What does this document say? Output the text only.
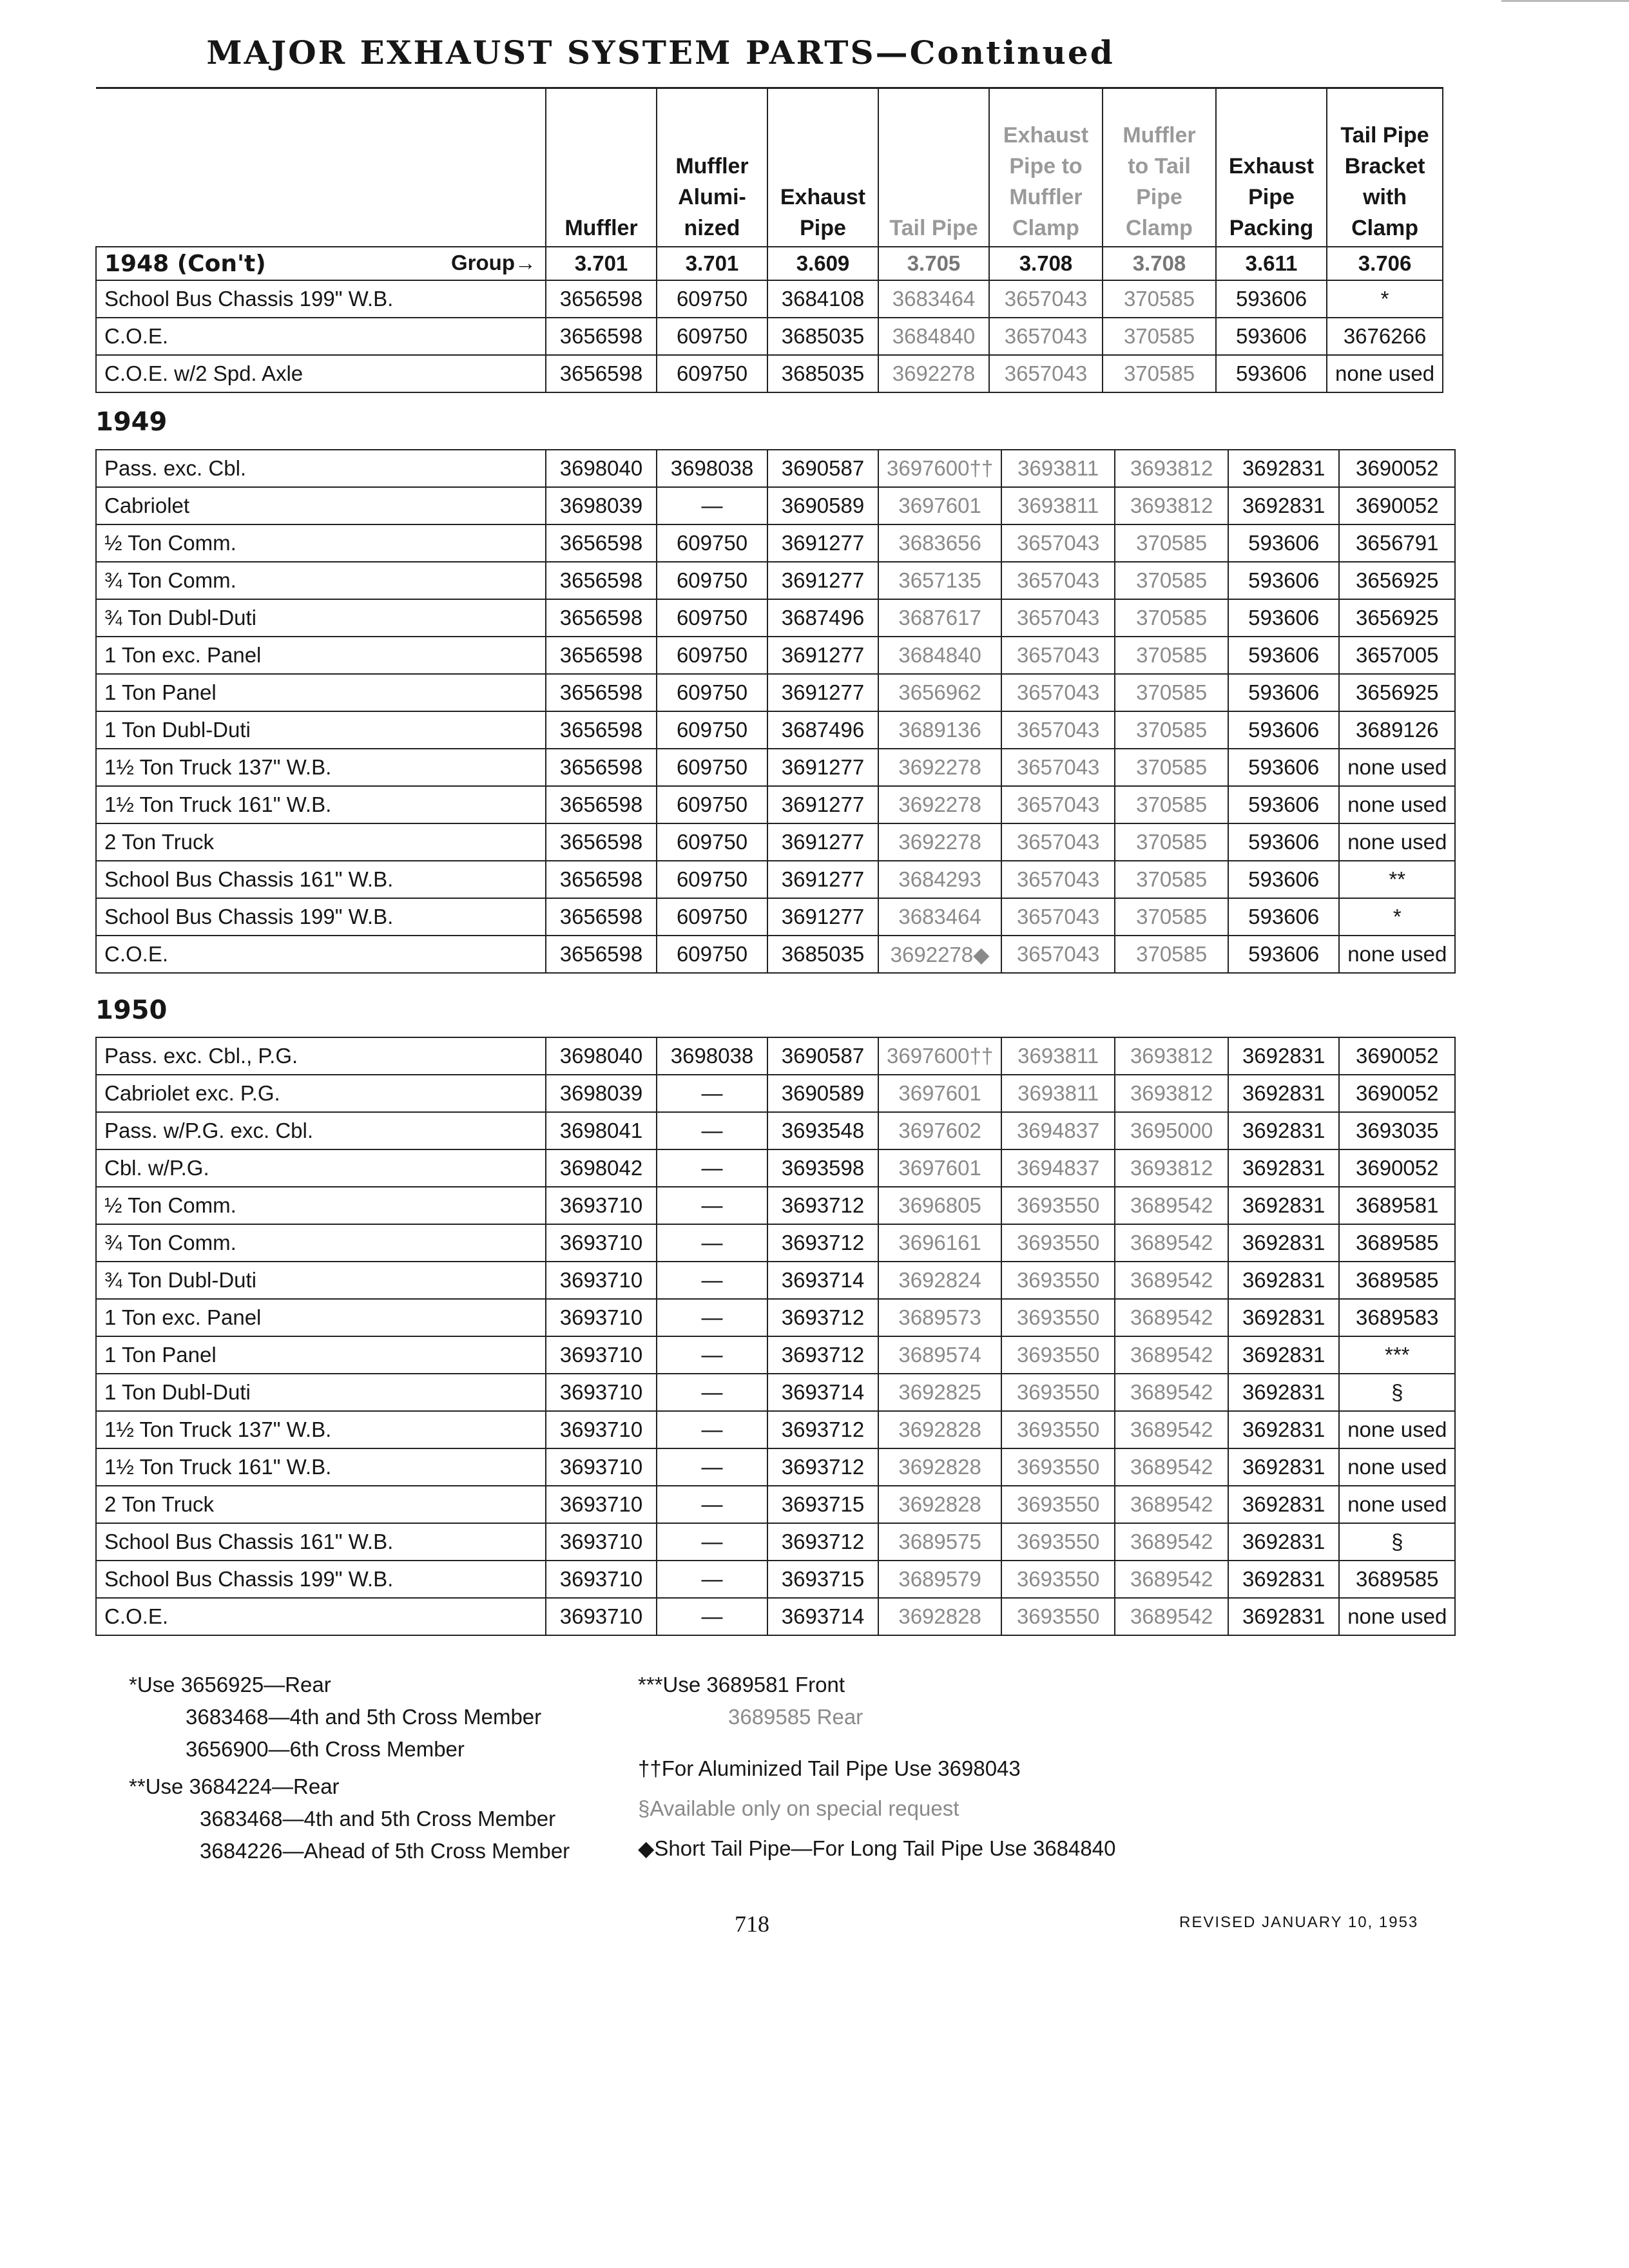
MAJOR EXHAUST SYSTEM PARTS—Continued
	Muffler	Muffler Alumi- nized	Exhaust Pipe	Tail Pipe	Exhaust Pipe to Muffler Clamp	Muffler to Tail Pipe Clamp	Exhaust Pipe Packing	Tail Pipe Bracket with Clamp
1948 (Con't) Group→	3.701	3.701	3.609	3.705	3.708	3.708	3.611	3.706
School Bus Chassis 199" W.B.	3656598	609750	3684108	3683464	3657043	370585	593606	*
C.O.E.	3656598	609750	3685035	3684840	3657043	370585	593606	3676266
C.O.E. w/2 Spd. Axle	3656598	609750	3685035	3692278	3657043	370585	593606	none used
1949
Pass. exc. Cbl.	3698040	3698038	3690587	3697600††	3693811	3693812	3692831	3690052
Cabriolet	3698039	—	3690589	3697601	3693811	3693812	3692831	3690052
½ Ton Comm.	3656598	609750	3691277	3683656	3657043	370585	593606	3656791
¾ Ton Comm.	3656598	609750	3691277	3657135	3657043	370585	593606	3656925
¾ Ton Dubl-Duti	3656598	609750	3687496	3687617	3657043	370585	593606	3656925
1 Ton exc. Panel	3656598	609750	3691277	3684840	3657043	370585	593606	3657005
1 Ton Panel	3656598	609750	3691277	3656962	3657043	370585	593606	3656925
1 Ton Dubl-Duti	3656598	609750	3687496	3689136	3657043	370585	593606	3689126
1½ Ton Truck 137" W.B.	3656598	609750	3691277	3692278	3657043	370585	593606	none used
1½ Ton Truck 161" W.B.	3656598	609750	3691277	3692278	3657043	370585	593606	none used
2 Ton Truck	3656598	609750	3691277	3692278	3657043	370585	593606	none used
School Bus Chassis 161" W.B.	3656598	609750	3691277	3684293	3657043	370585	593606	**
School Bus Chassis 199" W.B.	3656598	609750	3691277	3683464	3657043	370585	593606	*
C.O.E.	3656598	609750	3685035	3692278◆	3657043	370585	593606	none used
1950
Pass. exc. Cbl., P.G.	3698040	3698038	3690587	3697600††	3693811	3693812	3692831	3690052
Cabriolet exc. P.G.	3698039	—	3690589	3697601	3693811	3693812	3692831	3690052
Pass. w/P.G. exc. Cbl.	3698041	—	3693548	3697602	3694837	3695000	3692831	3693035
Cbl. w/P.G.	3698042	—	3693598	3697601	3694837	3693812	3692831	3690052
½ Ton Comm.	3693710	—	3693712	3696805	3693550	3689542	3692831	3689581
¾ Ton Comm.	3693710	—	3693712	3696161	3693550	3689542	3692831	3689585
¾ Ton Dubl-Duti	3693710	—	3693714	3692824	3693550	3689542	3692831	3689585
1 Ton exc. Panel	3693710	—	3693712	3689573	3693550	3689542	3692831	3689583
1 Ton Panel	3693710	—	3693712	3689574	3693550	3689542	3692831	***
1 Ton Dubl-Duti	3693710	—	3693714	3692825	3693550	3689542	3692831	§
1½ Ton Truck 137" W.B.	3693710	—	3693712	3692828	3693550	3689542	3692831	none used
1½ Ton Truck 161" W.B.	3693710	—	3693712	3692828	3693550	3689542	3692831	none used
2 Ton Truck	3693710	—	3693715	3692828	3693550	3689542	3692831	none used
School Bus Chassis 161" W.B.	3693710	—	3693712	3689575	3693550	3689542	3692831	§
School Bus Chassis 199" W.B.	3693710	—	3693715	3689579	3693550	3689542	3692831	3689585
C.O.E.	3693710	—	3693714	3692828	3693550	3689542	3692831	none used
*Use 3656925—Rear
3683468—4th and 5th Cross Member
3656900—6th Cross Member
**Use 3684224—Rear
3683468—4th and 5th Cross Member
3684226—Ahead of 5th Cross Member
***Use 3689581 Front
3689585 Rear
††For Aluminized Tail Pipe Use 3698043
§Available only on special request
◆Short Tail Pipe—For Long Tail Pipe Use 3684840
718	REVISED JANUARY 10, 1953
